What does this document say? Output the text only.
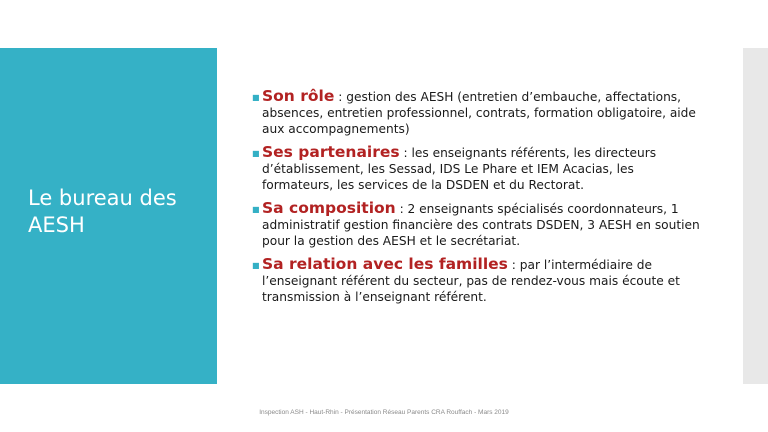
Le bureau des AESH
■ Son rôle : gestion des AESH (entretien d’embauche, affectations, absences, entretien professionnel, contrats, formation obligatoire, aide aux accompagnements)
■ Ses partenaires : les enseignants référents, les directeurs d’établissement, les Sessad, IDS Le Phare et IEM Acacias, les formateurs, les services de la DSDEN et du Rectorat.
■ Sa composition : 2 enseignants spécialisés coordonnateurs, 1 administratif gestion financière des contrats DSDEN, 3 AESH en soutien pour la gestion des AESH et le secrétariat.
■ Sa relation avec les familles : par l’intermédiaire de l’enseignant référent du secteur, pas de rendez-vous mais écoute et transmission à l’enseignant référent.
Inspection ASH - Haut-Rhin - Présentation Réseau Parents CRA Rouffach - Mars 2019
